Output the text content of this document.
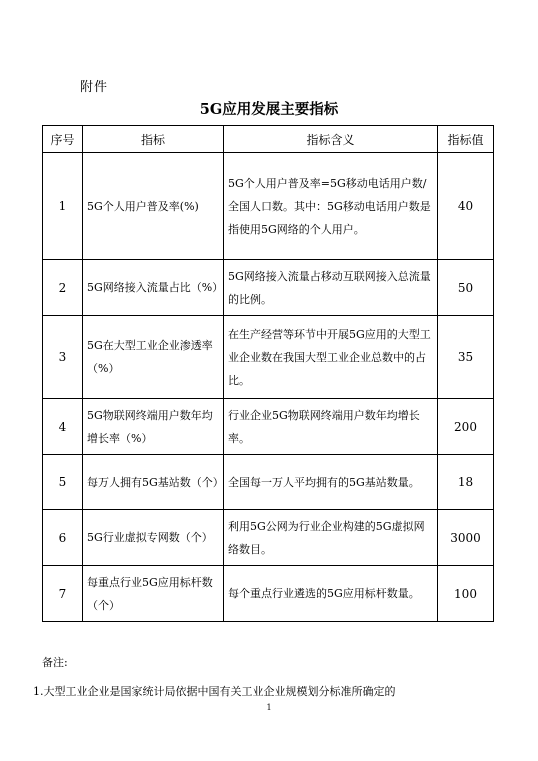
附件
5G应用发展主要指标
序号	指标	指标含义	指标值
1	5G个人用户普及率(%)	5G个人用户普及率=5G移动电话用户数/全国人口数。其中：5G移动电话用户数是指使用5G网络的个人用户。	40
2	5G网络接入流量占比（%）	5G网络接入流量占移动互联网接入总流量的比例。	50
3	5G在大型工业企业渗透率（%）	在生产经营等环节中开展5G应用的大型工业企业数在我国大型工业企业总数中的占比。	35
4	5G物联网终端用户数年均增长率（%）	行业企业5G物联网终端用户数年均增长率。	200
5	每万人拥有5G基站数（个）	全国每一万人平均拥有的5G基站数量。	18
6	5G行业虚拟专网数（个）	利用5G公网为行业企业构建的5G虚拟网络数目。	3000
7	每重点行业5G应用标杆数（个）	每个重点行业遴选的5G应用标杆数量。	100
备注:
1.大型工业企业是国家统计局依据中国有关工业企业规模划分标准所确定的
1
